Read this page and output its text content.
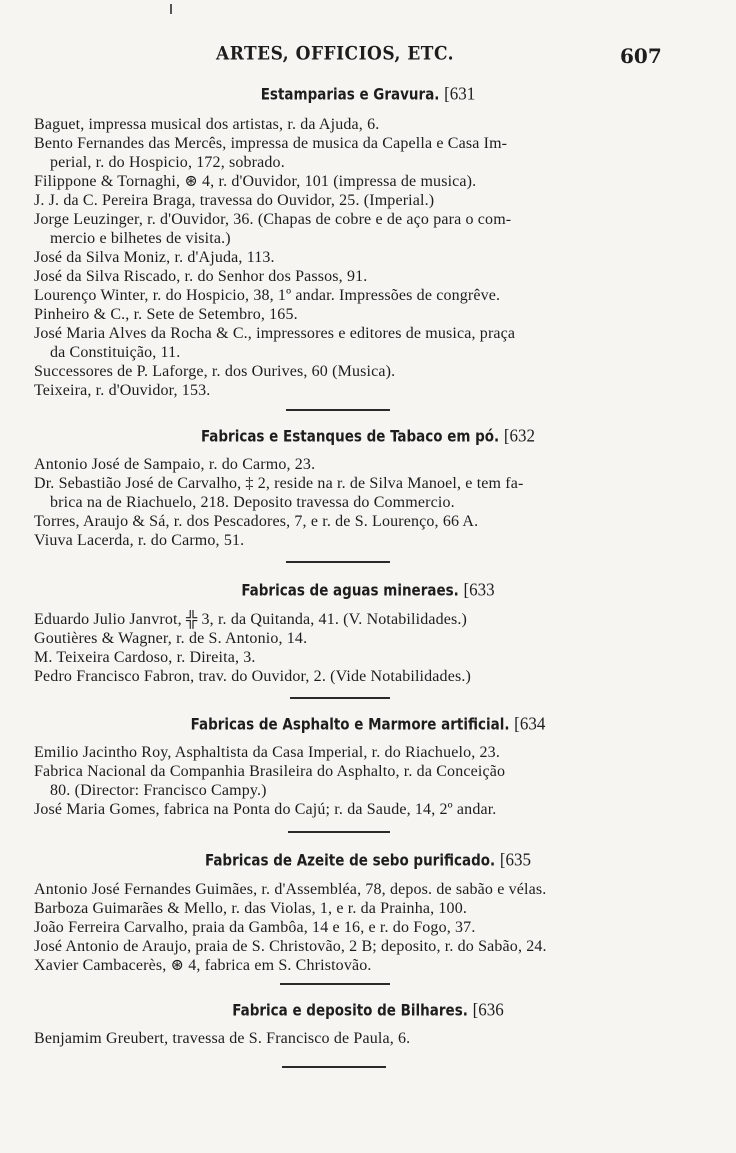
ARTES, OFFICIOS, ETC.	607
Estamparias e Gravura. [631
Baguet, impressa musical dos artistas, r. da Ajuda, 6.
Bento Fernandes das Mercês, impressa de musica da Capella e Casa Im-
perial, r. do Hospicio, 172, sobrado.
Filippone & Tornaghi, ⊛ 4, r. d'Ouvidor, 101 (impressa de musica).
J. J. da C. Pereira Braga, travessa do Ouvidor, 25. (Imperial.)
Jorge Leuzinger, r. d'Ouvidor, 36. (Chapas de cobre e de aço para o com-
mercio e bilhetes de visita.)
José da Silva Moniz, r. d'Ajuda, 113.
José da Silva Riscado, r. do Senhor dos Passos, 91.
Lourenço Winter, r. do Hospicio, 38, 1º andar. Impressões de congrêve.
Pinheiro & C., r. Sete de Setembro, 165.
José Maria Alves da Rocha & C., impressores e editores de musica, praça
da Constituição, 11.
Successores de P. Laforge, r. dos Ourives, 60 (Musica).
Teixeira, r. d'Ouvidor, 153.
Fabricas e Estanques de Tabaco em pó. [632
Antonio José de Sampaio, r. do Carmo, 23.
Dr. Sebastião José de Carvalho, ‡ 2, reside na r. de Silva Manoel, e tem fa-
brica na de Riachuelo, 218. Deposito travessa do Commercio.
Torres, Araujo & Sá, r. dos Pescadores, 7, e r. de S. Lourenço, 66 A.
Viuva Lacerda, r. do Carmo, 51.
Fabricas de aguas mineraes. [633
Eduardo Julio Janvrot, ╬ 3, r. da Quitanda, 41. (V. Notabilidades.)
Goutières & Wagner, r. de S. Antonio, 14.
M. Teixeira Cardoso, r. Direita, 3.
Pedro Francisco Fabron, trav. do Ouvidor, 2. (Vide Notabilidades.)
Fabricas de Asphalto e Marmore artificial. [634
Emilio Jacintho Roy, Asphaltista da Casa Imperial, r. do Riachuelo, 23.
Fabrica Nacional da Companhia Brasileira do Asphalto, r. da Conceição
80. (Director: Francisco Campy.)
José Maria Gomes, fabrica na Ponta do Cajú; r. da Saude, 14, 2º andar.
Fabricas de Azeite de sebo purificado. [635
Antonio José Fernandes Guimães, r. d'Assembléa, 78, depos. de sabão e vélas.
Barboza Guimarães & Mello, r. das Violas, 1, e r. da Prainha, 100.
João Ferreira Carvalho, praia da Gambôa, 14 e 16, e r. do Fogo, 37.
José Antonio de Araujo, praia de S. Christovão, 2 B; deposito, r. do Sabão, 24.
Xavier Cambacerès, ⊛ 4, fabrica em S. Christovão.
Fabrica e deposito de Bilhares. [636
Benjamim Greubert, travessa de S. Francisco de Paula, 6.
